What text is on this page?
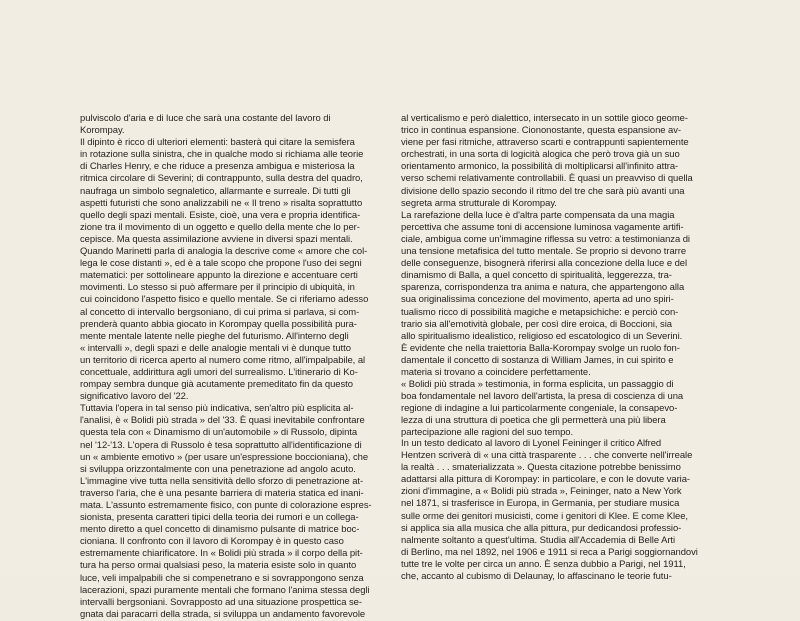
pulviscolo d'aria e di luce che sarà una costante del lavoro di
Korompay.

Il dipinto è ricco di ulteriori elementi: basterà qui citare la semisfera
in rotazione sulla sinistra, che in qualche modo si richiama alle teorie
di Charles Henry, e che riduce a presenza ambigua e misteriosa la
ritmica circolare di Severini; di contrappunto, sulla destra del quadro,
naufraga un simbolo segnaletico, allarmante e surreale. Di tutti gli
aspetti futuristi che sono analizzabili ne « Il treno » risalta soprattutto
quello degli spazi mentali. Esiste, cioè, una vera e propria identifica-
zione tra il movimento di un oggetto e quello della mente che lo per-
cepisce. Ma questa assimilazione avviene in diversi spazi mentali.
Quando Marinetti parla di analogia la descrive come « amore che col-
lega le cose distanti », ed è a tale scopo che propone l'uso dei segni
matematici: per sottolineare appunto la direzione e accentuare certi
movimenti. Lo stesso si può affermare per il principio di ubiquità, in
cui coincidono l'aspetto fisico e quello mentale. Se ci riferiamo adesso
al concetto di intervallo bergsoniano, di cui prima si parlava, si com-
prenderà quanto abbia giocato in Korompay quella possibilità pura-
mente mentale latente nelle pieghe del futurismo. All'interno degli
« intervalli », degli spazi e delle analogie mentali vi è dunque tutto
un territorio di ricerca aperto al numero come ritmo, all'impalpabile, al
concettuale, addirittura agli umori del surrealismo. L'itinerario di Ko-
rompay sembra dunque già acutamente premeditato fin da questo
significativo lavoro del '22.

Tuttavia l'opera in tal senso più indicativa, sen'altro più esplicita al-
l'analisi, è « Bolidi più strada » del '33. È quasi inevitabile confrontare
questa tela con « Dinamismo di un'automobile » di Russolo, dipinta
nel '12-'13. L'opera di Russolo è tesa soprattutto all'identificazione di
un « ambiente emotivo » (per usare un'espressione boccioniana), che
si sviluppa orizzontalmente con una penetrazione ad angolo acuto.
L'immagine vive tutta nella sensitività dello sforzo di penetrazione at-
traverso l'aria, che è una pesante barriera di materia statica ed inani-
mata. L'assunto estremamente fisico, con punte di colorazione espres-
sionista, presenta caratteri tipici della teoria dei rumori e un collega-
mento diretto a quel concetto di dinamismo pulsante di matrice boc-
cioniana. Il confronto con il lavoro di Korompay è in questo caso
estremamente chiarificatore. In « Bolidi più strada » il corpo della pit-
tura ha perso ormai qualsiasi peso, la materia esiste solo in quanto
luce, veli impalpabili che si compenetrano e si sovrappongono senza
lacerazioni, spazi puramente mentali che formano l'anima stessa degli
intervalli bergsoniani. Sovrapposto ad una situazione prospettica se-
gnata dai paracarri della strada, si sviluppa un andamento favorevole

al verticalismo e però dialettico, intersecato in un sottile gioco geome-
trico in continua espansione. Ciononostante, questa espansione av-
viene per fasi ritmiche, attraverso scarti e contrappunti sapientemente
orchestrati, in una sorta di logicità alogica che però trova già un suo
orientamento armonico, la possibilità di moltiplicarsi all'infinito attra-
verso schemi relativamente controllabili. È quasi un preavviso di quella
divisione dello spazio secondo il ritmo del tre che sarà più avanti una
segreta arma strutturale di Korompay.

La rarefazione della luce è d'altra parte compensata da una magia
percettiva che assume toni di accensione luminosa vagamente artifi-
ciale, ambigua come un'immagine riflessa su vetro: a testimonianza di
una tensione metafisica del tutto mentale. Se proprio si devono trarre
delle conseguenze, bisognerà riferirsi alla concezione della luce e del
dinamismo di Balla, a quel concetto di spiritualità, leggerezza, tra-
sparenza, corrispondenza tra anima e natura, che appartengono alla
sua originalissima concezione del movimento, aperta ad uno spiri-
tualismo ricco di possibilità magiche e metapsichiche: e perciò con-
trario sia all'emotività globale, per così dire eroica, di Boccioni, sia
allo spiritualismo idealistico, religioso ed escatologico di un Severini.
È evidente che nella traiettoria Balla-Korompay svolge un ruolo fon-
damentale il concetto di sostanza di William James, in cui spirito e
materia si trovano a coincidere perfettamente.

« Bolidi più strada » testimonia, in forma esplicita, un passaggio di
boa fondamentale nel lavoro dell'artista, la presa di coscienza di una
regione di indagine a lui particolarmente congeniale, la consapevo-
lezza di una struttura di poetica che gli permetterà una più libera
partecipazione alle ragioni del suo tempo.

In un testo dedicato al lavoro di Lyonel Feininger il critico Alfred
Hentzen scriverà di « una città trasparente . . . che converte nell'irreale
la realtà . . . smaterializzata ». Questa citazione potrebbe benissimo
adattarsi alla pittura di Korompay: in particolare, e con le dovute varia-
zioni d'immagine, a « Bolidi più strada », Feininger, nato a New York
nel 1871, si trasferisce in Europa, in Germania, per studiare musica
sulle orme dei genitori musicisti, come i genitori di Klee. E come Klee,
si applica sia alla musica che alla pittura, pur dedicandosi professio-
nalmente soltanto a quest'ultima. Studia all'Accademia di Belle Arti
di Berlino, ma nel 1892, nel 1906 e 1911 si reca a Parigi soggiornandovi
tutte tre le volte per circa un anno. È senza dubbio a Parigi, nel 1911,
che, accanto al cubismo di Delaunay, lo affascinano le teorie futu-
